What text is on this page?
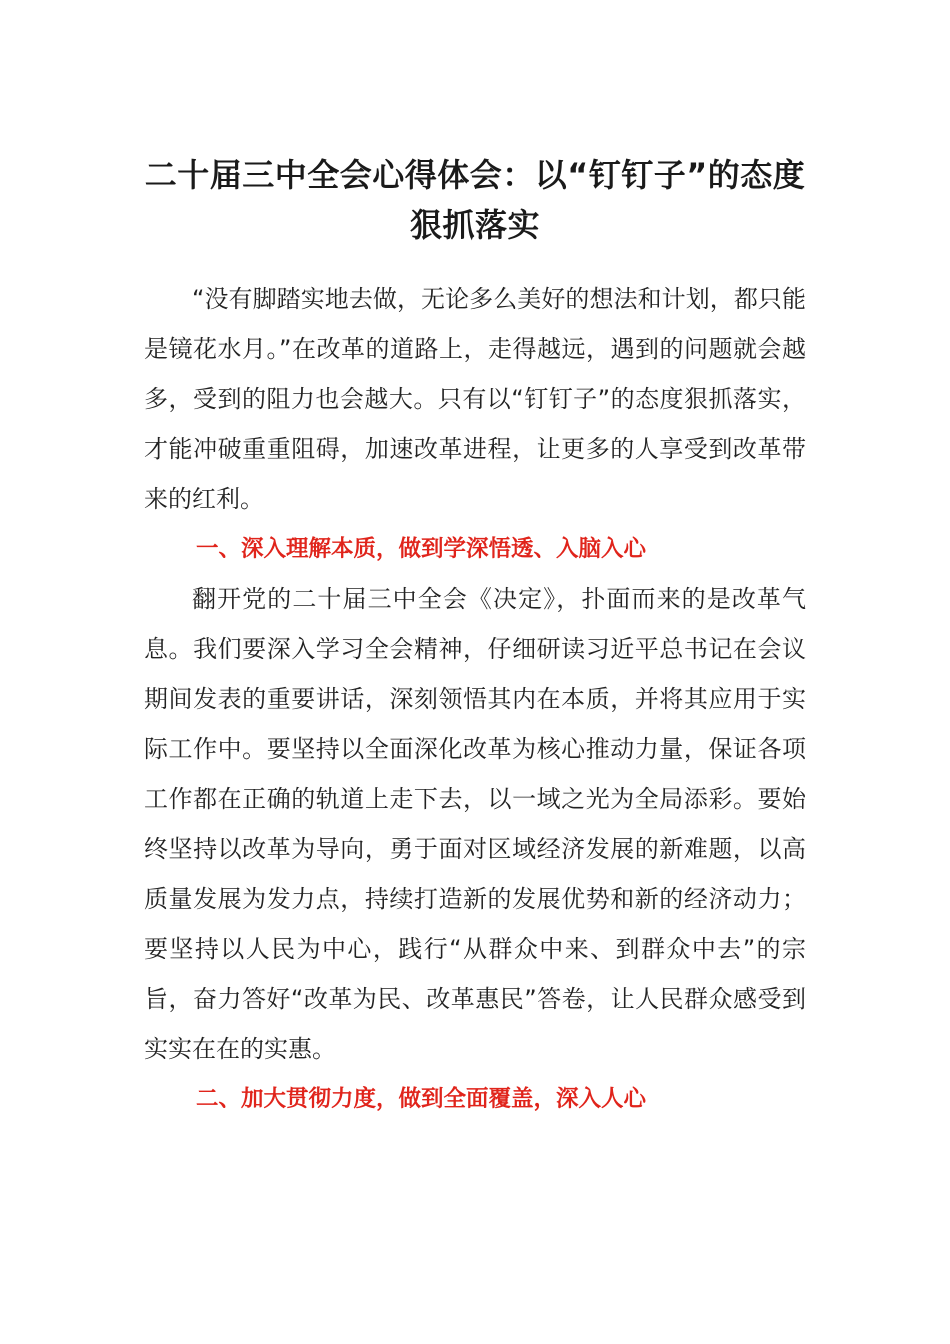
二十届三中全会心得体会：以“钉钉子”的态度狠抓落实

“没有脚踏实地去做，无论多么美好的想法和计划，都只能是镜花水月。”在改革的道路上，走得越远，遇到的问题就会越多，受到的阻力也会越大。只有以“钉钉子”的态度狠抓落实，才能冲破重重阻碍，加速改革进程，让更多的人享受到改革带来的红利。

一、深入理解本质，做到学深悟透、入脑入心

翻开党的二十届三中全会《决定》，扑面而来的是改革气息。我们要深入学习全会精神，仔细研读习近平总书记在会议期间发表的重要讲话，深刻领悟其内在本质，并将其应用于实际工作中。要坚持以全面深化改革为核心推动力量，保证各项工作都在正确的轨道上走下去，以一域之光为全局添彩。要始终坚持以改革为导向，勇于面对区域经济发展的新难题，以高质量发展为发力点，持续打造新的发展优势和新的经济动力；要坚持以人民为中心，践行“从群众中来、到群众中去”的宗旨，奋力答好“改革为民、改革惠民”答卷，让人民群众感受到实实在在的实惠。

二、加大贯彻力度，做到全面覆盖，深入人心
